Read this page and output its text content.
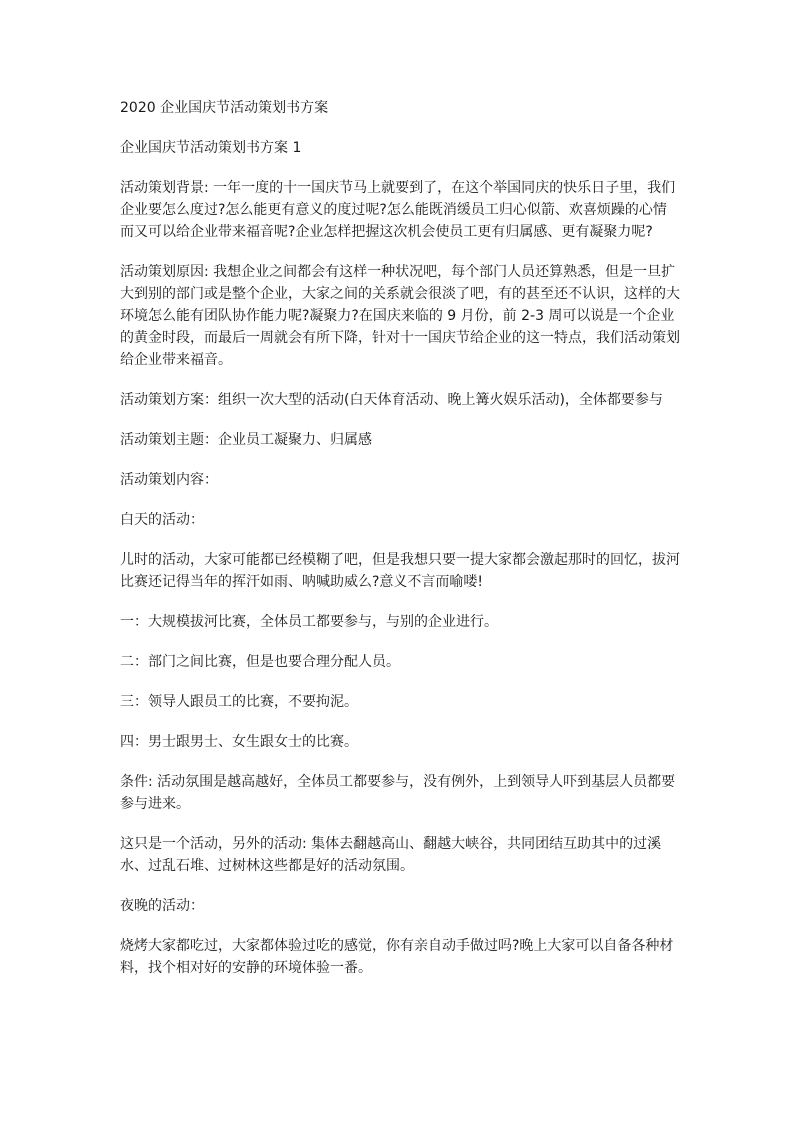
2020 企业国庆节活动策划书方案

企业国庆节活动策划书方案 1

活动策划背景: 一年一度的十一国庆节马上就要到了，在这个举国同庆的快乐日子里，我们企业要怎么度过?怎么能更有意义的度过呢?怎么能既消缓员工归心似箭、欢喜烦躁的心情而又可以给企业带来福音呢?企业怎样把握这次机会使员工更有归属感、更有凝聚力呢?

活动策划原因: 我想企业之间都会有这样一种状况吧，每个部门人员还算熟悉，但是一旦扩大到别的部门或是整个企业，大家之间的关系就会很淡了吧，有的甚至还不认识，这样的大环境怎么能有团队协作能力呢?凝聚力?在国庆来临的 9 月份，前 2-3 周可以说是一个企业的黄金时段，而最后一周就会有所下降，针对十一国庆节给企业的这一特点，我们活动策划给企业带来福音。

活动策划方案：组织一次大型的活动(白天体育活动、晚上篝火娱乐活动)，全体都要参与

活动策划主题：企业员工凝聚力、归属感

活动策划内容：

白天的活动：

儿时的活动，大家可能都已经模糊了吧，但是我想只要一提大家都会激起那时的回忆，拔河比赛还记得当年的挥汗如雨、呐喊助威么?意义不言而喻喽!

一：大规模拔河比赛，全体员工都要参与，与别的企业进行。

二：部门之间比赛，但是也要合理分配人员。

三：领导人跟员工的比赛，不要拘泥。

四：男士跟男士、女生跟女士的比赛。

条件: 活动氛围是越高越好，全体员工都要参与，没有例外，上到领导人吓到基层人员都要参与进来。

这只是一个活动，另外的活动: 集体去翻越高山、翻越大峡谷，共同团结互助其中的过溪水、过乱石堆、过树林这些都是好的活动氛围。

夜晚的活动：

烧烤大家都吃过，大家都体验过吃的感觉，你有亲自动手做过吗?晚上大家可以自备各种材料，找个相对好的安静的环境体验一番。
